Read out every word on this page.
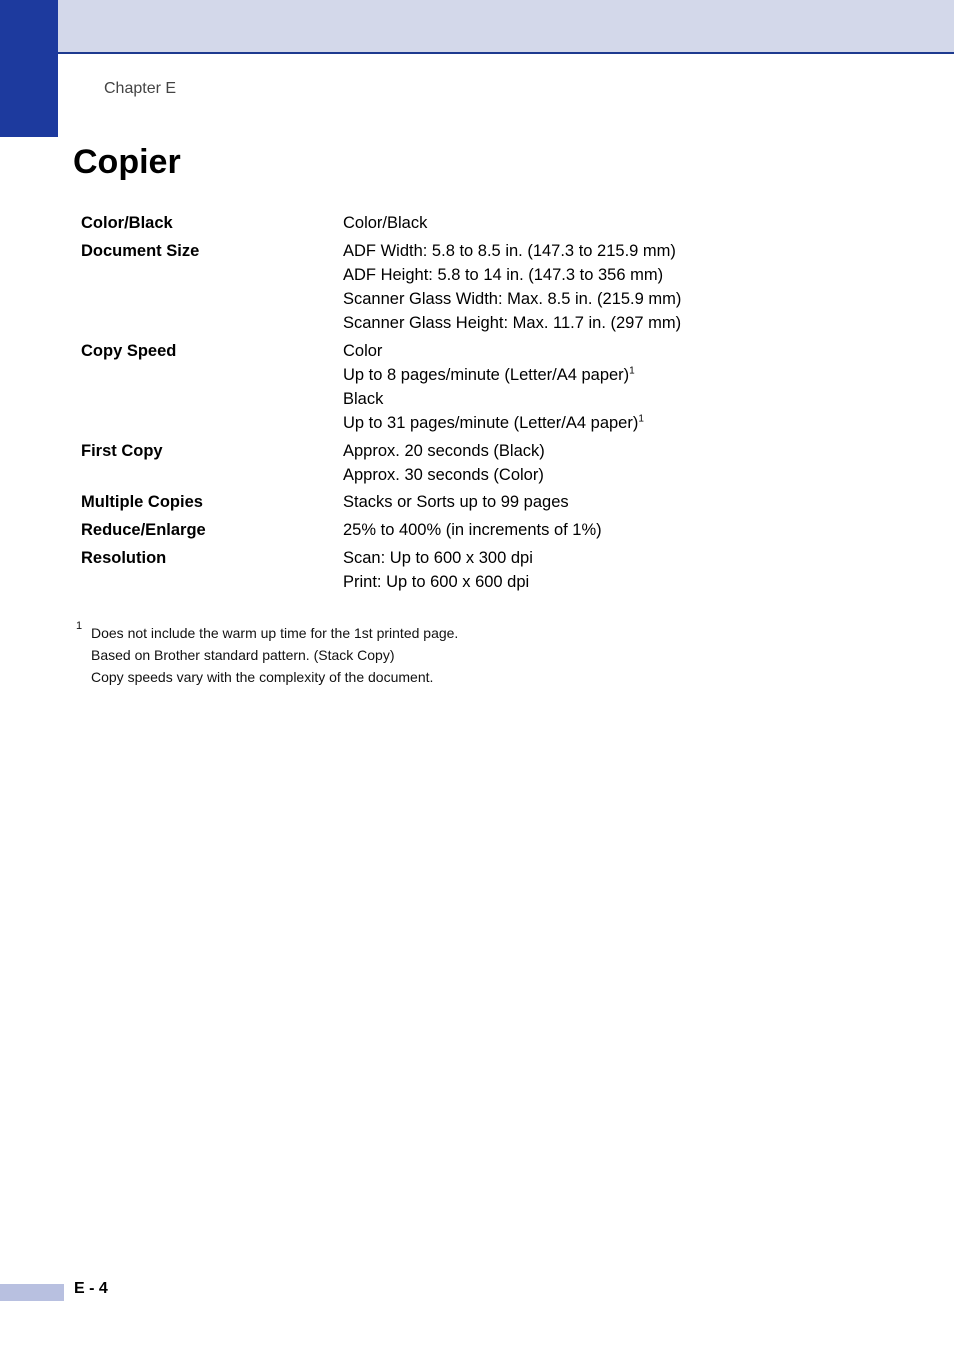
Chapter E
Copier
Color/Black	Color/Black
Document Size	ADF Width: 5.8 to 8.5 in. (147.3 to 215.9 mm)
ADF Height: 5.8 to 14 in. (147.3 to 356 mm)
Scanner Glass Width: Max. 8.5 in. (215.9 mm)
Scanner Glass Height: Max. 11.7 in. (297 mm)
Copy Speed	Color
Up to 8 pages/minute (Letter/A4 paper)$^1$
Black
Up to 31 pages/minute (Letter/A4 paper)$^1$
First Copy	Approx. 20 seconds (Black)
Approx. 30 seconds (Color)
Multiple Copies	Stacks or Sorts up to 99 pages
Reduce/Enlarge	25% to 400% (in increments of 1%)
Resolution	Scan: Up to 600 x 300 dpi
Print: Up to 600 x 600 dpi
1 Does not include the warm up time for the 1st printed page.
Based on Brother standard pattern. (Stack Copy)
Copy speeds vary with the complexity of the document.
E - 4
